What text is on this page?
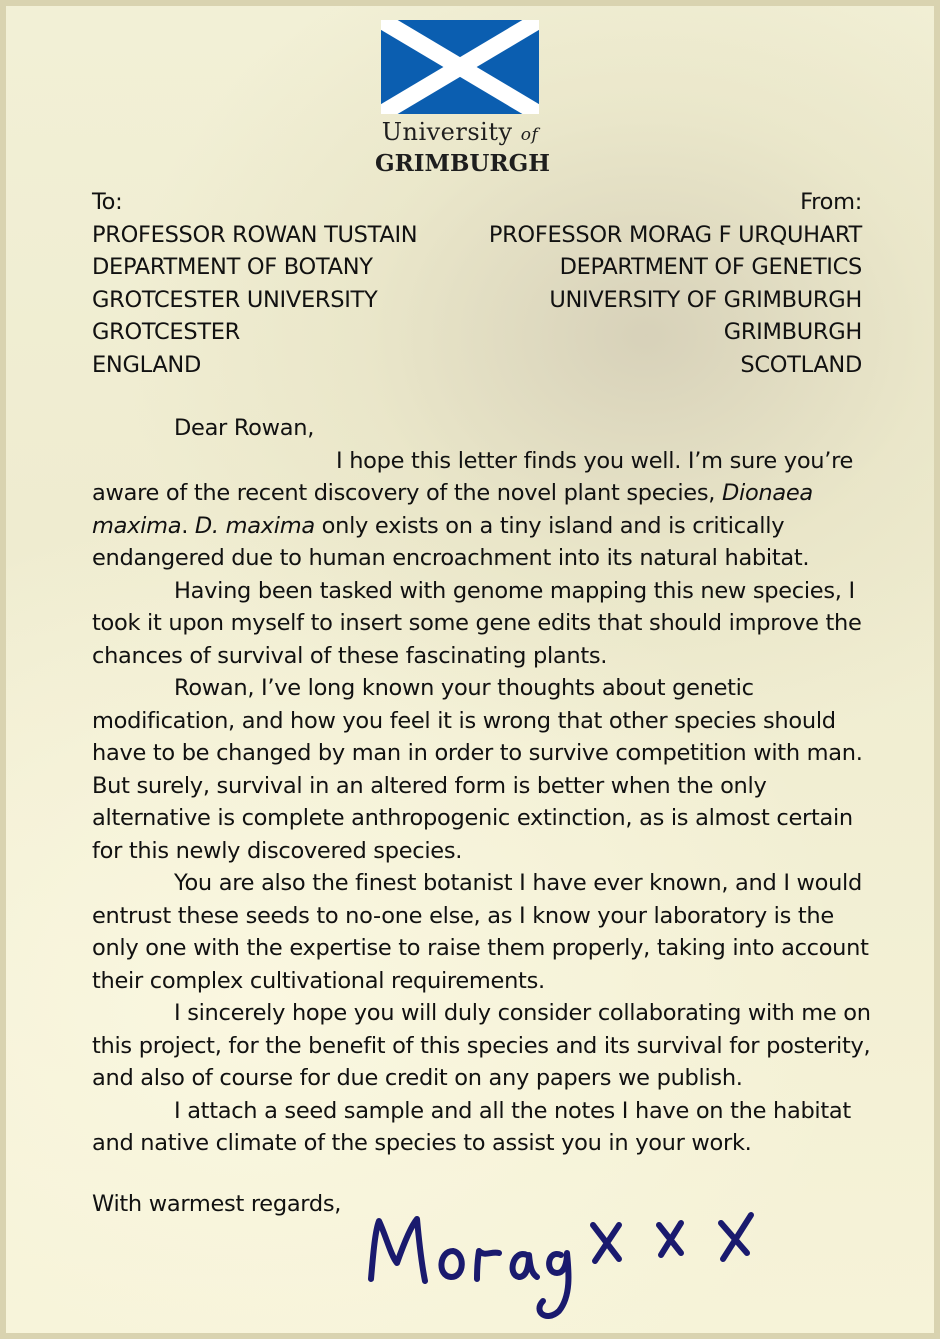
University of
GRIMBURGH
To:
PROFESSOR ROWAN TUSTAIN
DEPARTMENT OF BOTANY
GROTCESTER UNIVERSITY
GROTCESTER
ENGLAND
From:
PROFESSOR MORAG F URQUHART
DEPARTMENT OF GENETICS
UNIVERSITY OF GRIMBURGH
GRIMBURGH
SCOTLAND

Dear Rowan,

I hope this letter finds you well. I’m sure you’re aware of the recent discovery of the novel plant species, Dionaea maxima. D. maxima only exists on a tiny island and is critically endangered due to human encroachment into its natural habitat.

Having been tasked with genome mapping this new species, I took it upon myself to insert some gene edits that should improve the chances of survival of these fascinating plants.

Rowan, I’ve long known your thoughts about genetic modification, and how you feel it is wrong that other species should have to be changed by man in order to survive competition with man. But surely, survival in an altered form is better when the only alternative is complete anthropogenic extinction, as is almost certain for this newly discovered species.

You are also the finest botanist I have ever known, and I would entrust these seeds to no-one else, as I know your laboratory is the only one with the expertise to raise them properly, taking into account their complex cultivational requirements.

I sincerely hope you will duly consider collaborating with me on this project, for the benefit of this species and its survival for posterity, and also of course for due credit on any papers we publish.

I attach a seed sample and all the notes I have on the habitat and native climate of the species to assist you in your work.

With warmest regards,
